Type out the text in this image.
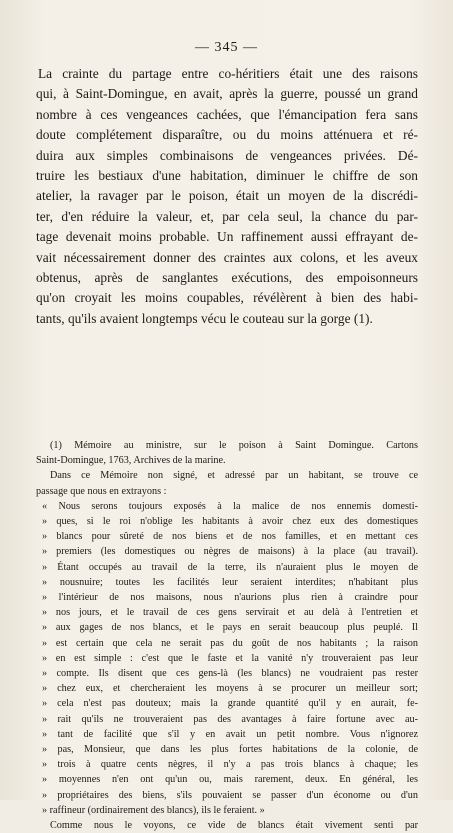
— 345 —

La crainte du partage entre co-héritiers était une des raisons
qui, à Saint-Domingue, en avait, après la guerre, poussé un grand
nombre à ces vengeances cachées, que l'émancipation fera sans
doute complétement disparaître, ou du moins atténuera et ré-
duira aux simples combinaisons de vengeances privées. Dé-
truire les bestiaux d'une habitation, diminuer le chiffre de son
atelier, la ravager par le poison, était un moyen de la discrédi-
ter, d'en réduire la valeur, et, par cela seul, la chance du par-
tage devenait moins probable. Un raffinement aussi effrayant de-
vait nécessairement donner des craintes aux colons, et les aveux
obtenus, après de sanglantes exécutions, des empoisonneurs
qu'on croyait les moins coupables, révélèrent à bien des habi-
tants, qu'ils avaient longtemps vécu le couteau sur la gorge (1).

(1) Mémoire au ministre, sur le poison à Saint Domingue. Cartons
Saint-Domingue, 1763, Archives de la marine.
Dans ce Mémoire non signé, et adressé par un habitant, se trouve ce
passage que nous en extrayons :
« Nous serons toujours exposés à la malice de nos ennemis domesti-
» ques, si le roi n'oblige les habitants à avoir chez eux des domestiques
» blancs pour sûreté de nos biens et de nos familles, et en mettant ces
» premiers (les domestiques ou nègres de maisons) à la place (au travail).
» Étant occupés au travail de la terre, ils n'auraient plus le moyen de
» nousnuire; toutes les facilités leur seraient interdites; n'habitant plus
» l'intérieur de nos maisons, nous n'aurions plus rien à craindre pour
» nos jours, et le travail de ces gens servirait et au delà à l'entretien et
» aux gages de nos blancs, et le pays en serait beaucoup plus peuplé. Il
» est certain que cela ne serait pas du goût de nos habitants ; la raison
» en est simple : c'est que le faste et la vanité n'y trouveraient pas leur
» compte. Ils disent que ces gens-là (les blancs) ne voudraient pas rester
» chez eux, et chercheraient les moyens à se procurer un meilleur sort;
» cela n'est pas douteux; mais la grande quantité qu'il y en aurait, fe-
» rait qu'ils ne trouveraient pas des avantages à faire fortune avec au-
» tant de facilité que s'il y en avait un petit nombre. Vous n'ignorez
» pas, Monsieur, que dans les plus fortes habitations de la colonie, de
» trois à quatre cents nègres, il n'y a pas trois blancs à chaque; les
» moyennes n'en ont qu'un ou, mais rarement, deux. En général, les
» propriétaires des biens, s'ils pouvaient se passer d'un économe ou d'un
» raffineur (ordinairement des blancs), ils le feraient. »
Comme nous le voyons, ce vide de blancs était vivement senti par
